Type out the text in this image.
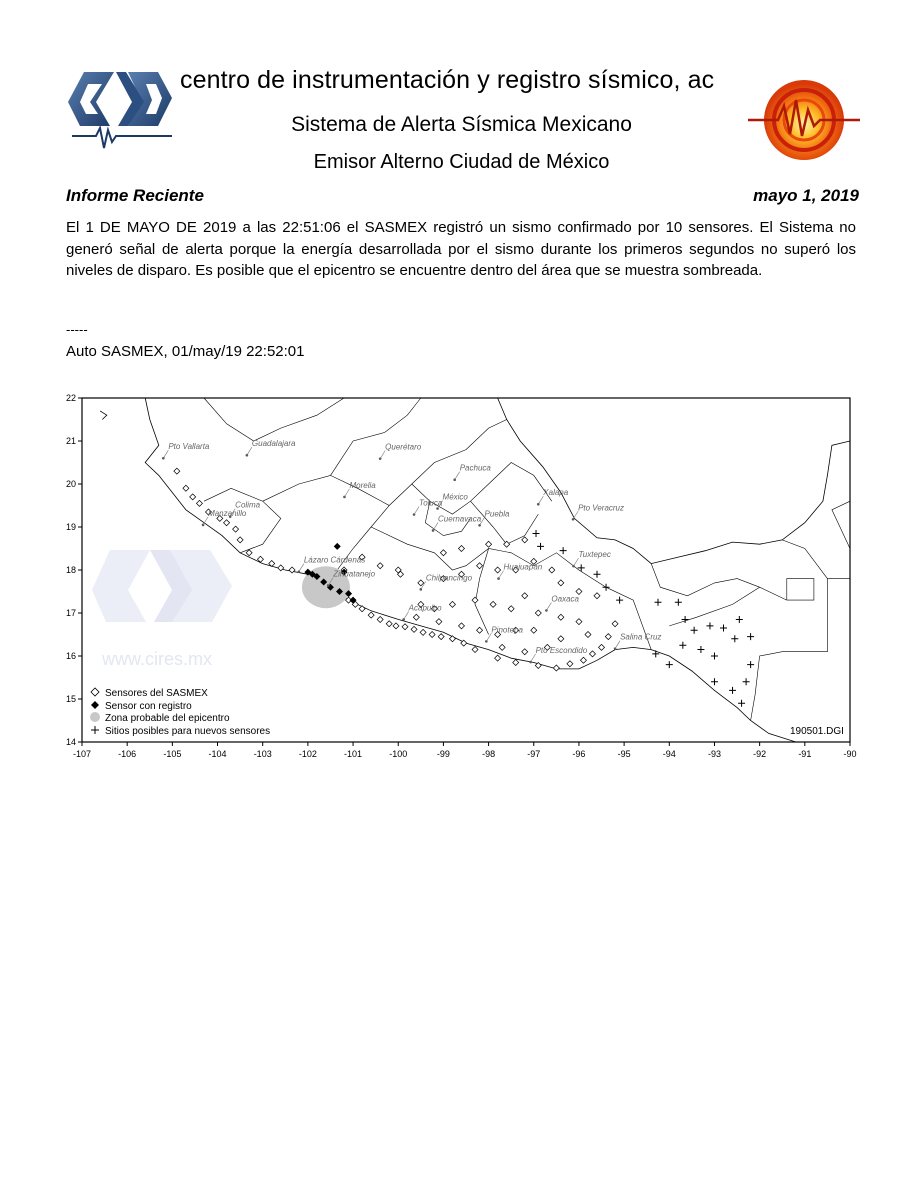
centro de instrumentación y registro sísmico, ac
Sistema de Alerta Sísmica Mexicano
Emisor Alterno Ciudad de México
Informe Reciente	mayo 1, 2019
El 1 DE MAYO DE 2019 a las 22:51:06 el SASMEX registró un sismo confirmado por 10 sensores. El Sistema no generó señal de alerta porque la energía desarrollada por el sismo durante los primeros segundos no superó los niveles de disparo. Es posible que el epicentro se encuentre dentro del área que se muestra sombreada.
-----
Auto SASMEX, 01/may/19 22:52:01
www.cires.mx
Pto Vallarta	Guadalajara	Querétaro
Pachuca
Morelia
Xalapa
Pto Veracruz
Colima
Manzanillo
Toluca
México
Puebla
Cuernavaca
Lázaro Cárdenas
Zihuatanejo	Chilpancingo
Huajuapan
Tuxtepec
Oaxaca
Acapulco
Pinotepa
Salina Cruz
Pto Escondido
-107	-106	-105	-104	-103	-102	-101	-100	-99	-98	-97	-96	-95	-94	-93	-92	-91	-90
14
15
16
17
18
19
20
21
22
Sensores del SASMEX
Sensor con registro
Zona probable del epicentro
Sitios posibles para nuevos sensores	190501.DGI
